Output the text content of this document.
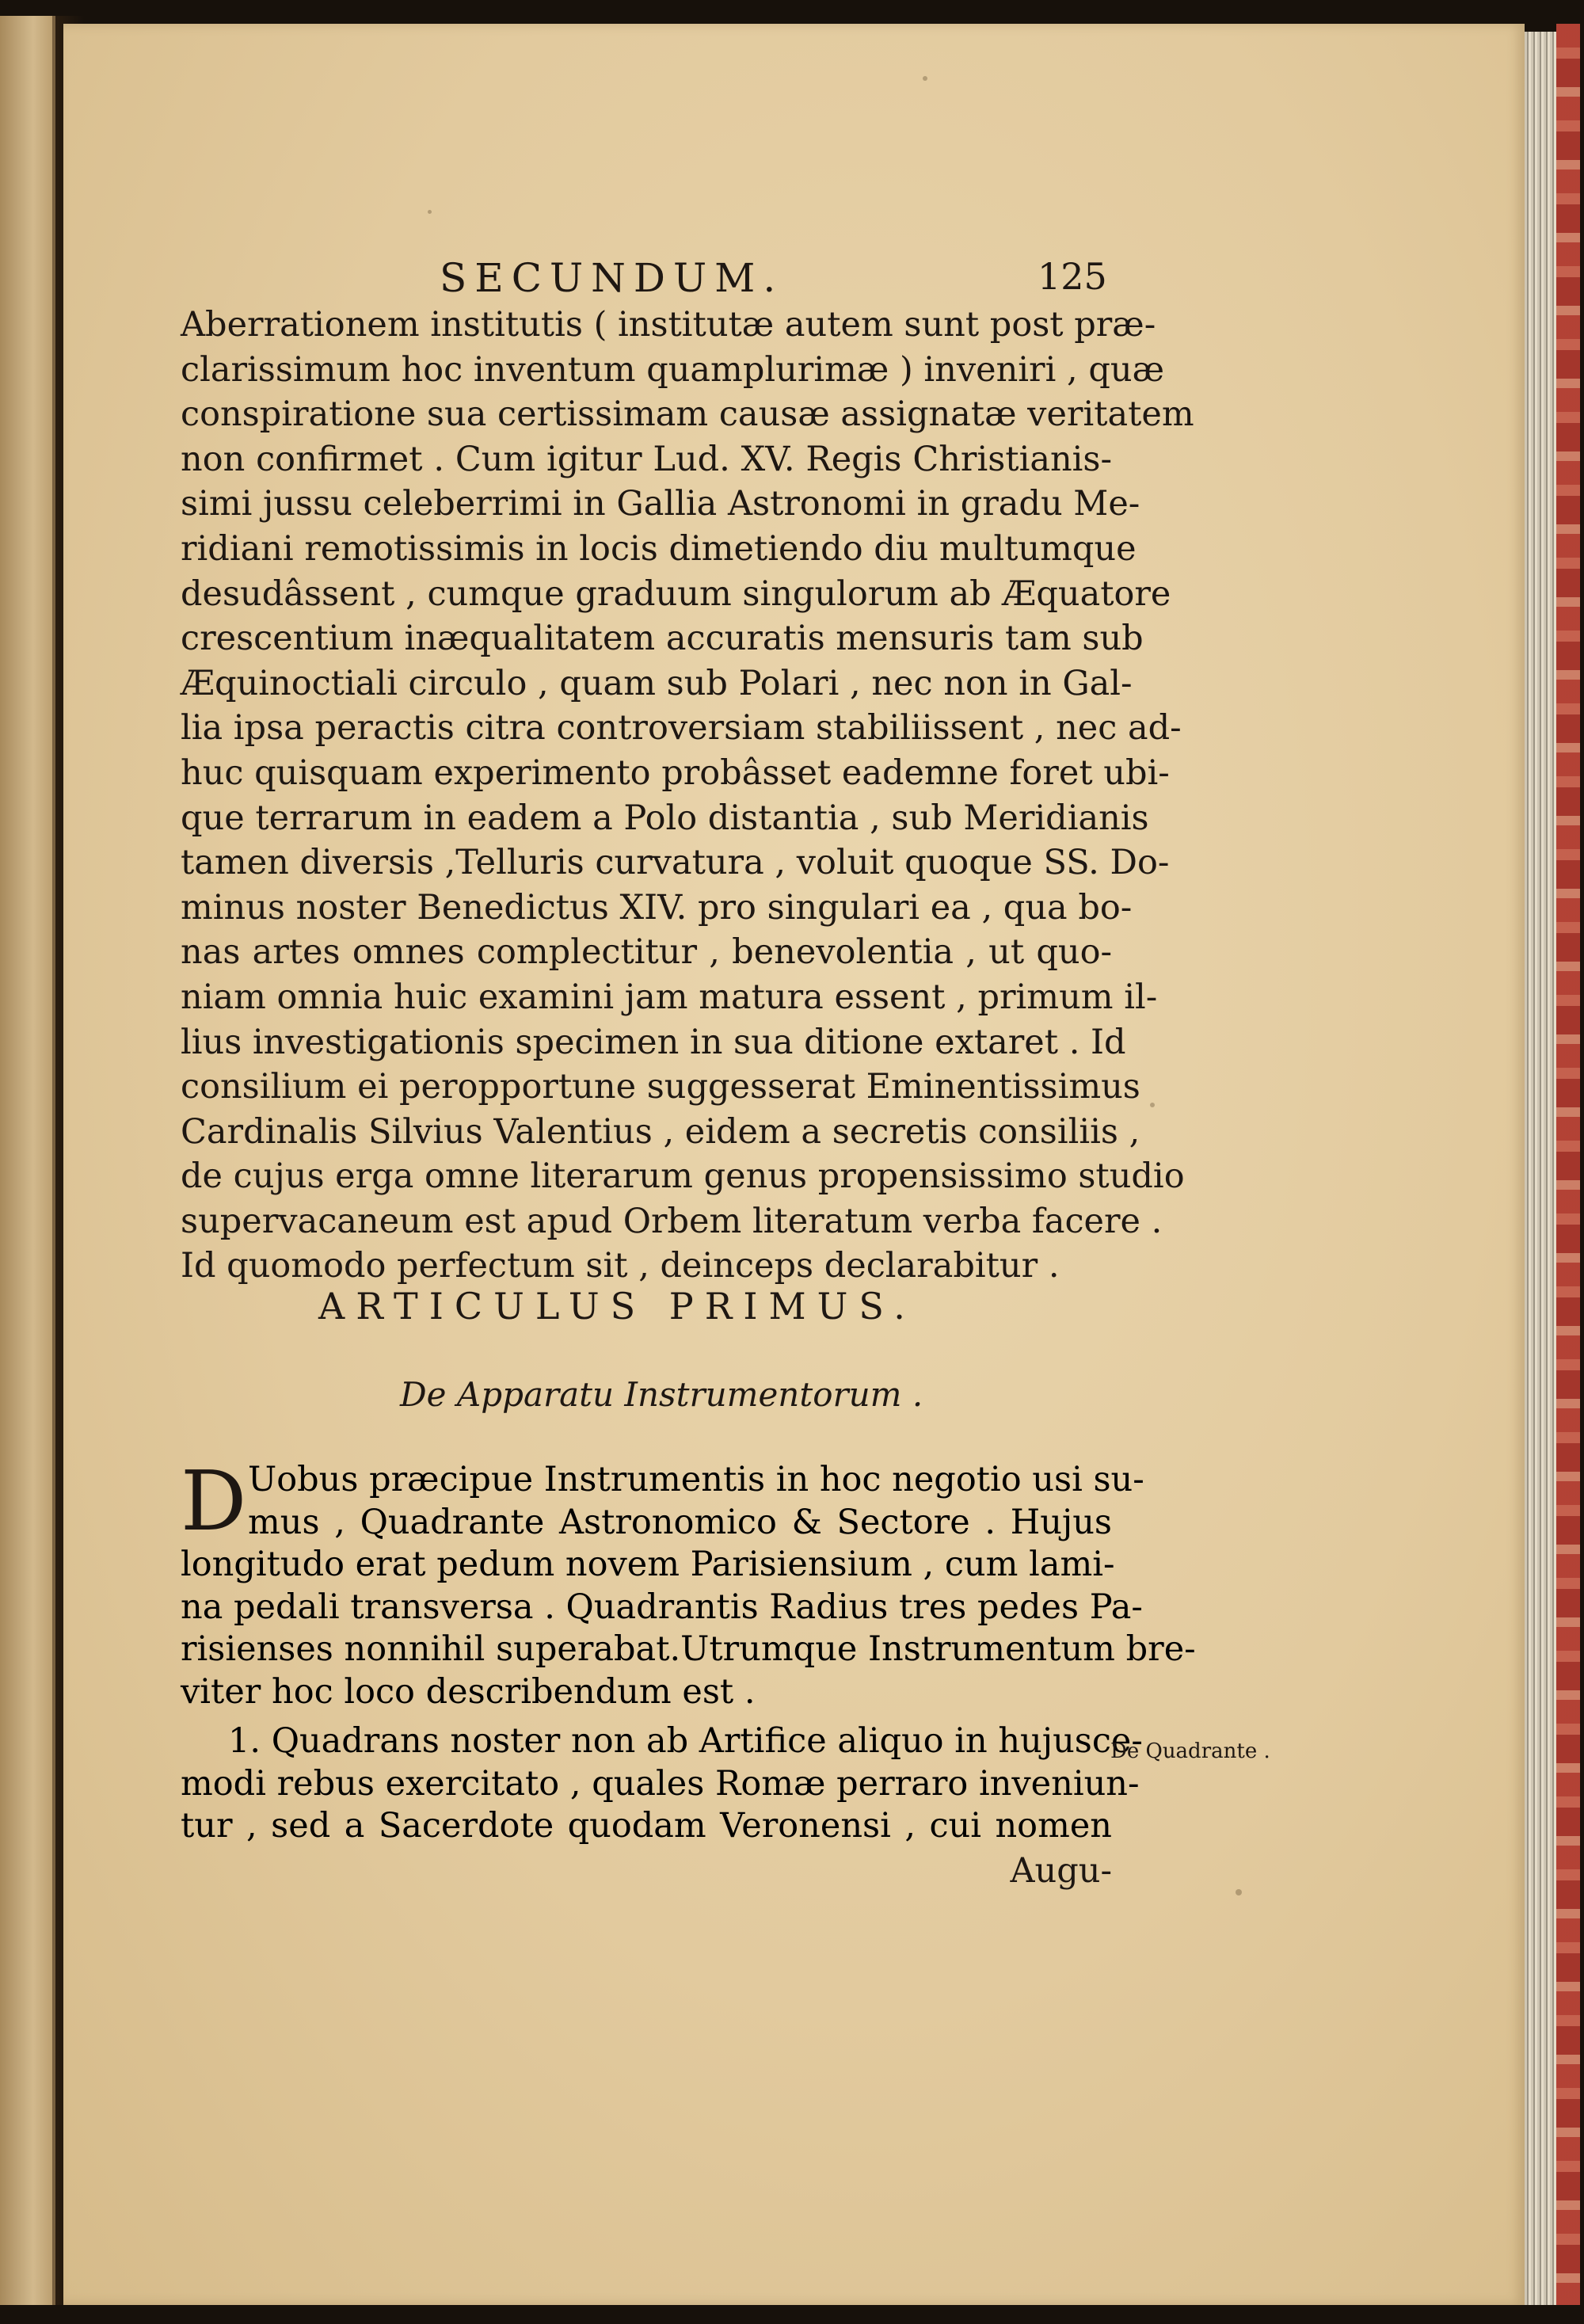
SECUNDUM.	125
Aberrationem institutis ( institutæ autem sunt post præ-
clarissimum hoc inventum quamplurimæ ) inveniri , quæ
conspiratione sua certissimam causæ assignatæ veritatem
non confirmet . Cum igitur Lud. XV. Regis Christianis-
simi jussu celeberrimi in Gallia Astronomi in gradu Me-
ridiani remotissimis in locis dimetiendo diu multumque
desudâssent , cumque graduum singulorum ab Æquatore
crescentium inæqualitatem accuratis mensuris tam sub
Æquinoctiali circulo , quam sub Polari , nec non in Gal-
lia ipsa peractis citra controversiam stabiliissent , nec ad-
huc quisquam experimento probâsset eademne foret ubi-
que terrarum in eadem a Polo distantia , sub Meridianis
tamen diversis ,Telluris curvatura , voluit quoque SS. Do-
minus noster Benedictus XIV. pro singulari ea , qua bo-
nas artes omnes complectitur , benevolentia , ut quo-
niam omnia huic examini jam matura essent , primum il-
lius investigationis specimen in sua ditione extaret . Id
consilium ei peropportune suggesserat Eminentissimus
Cardinalis Silvius Valentius , eidem a secretis consiliis ,
de cujus erga omne literarum genus propensissimo studio
supervacaneum est apud Orbem literatum verba facere .
Id quomodo perfectum sit , deinceps declarabitur .
ARTICULUS PRIMUS.
De Apparatu Instrumentorum .
D Uobus præcipue Instrumentis in hoc negotio usi su-
mus , Quadrante Astronomico & Sectore . Hujus
longitudo erat pedum novem Parisiensium , cum lami-
na pedali transversa . Quadrantis Radius tres pedes Pa-
risienses nonnihil superabat.Utrumque Instrumentum bre-
viter hoc loco describendum est .
1. Quadrans noster non ab Artifice aliquo in hujusce-
modi rebus exercitato , quales Romæ perraro inveniun-
tur , sed a Sacerdote quodam Veronensi , cui nomen
Augu-
De Quadrante .
